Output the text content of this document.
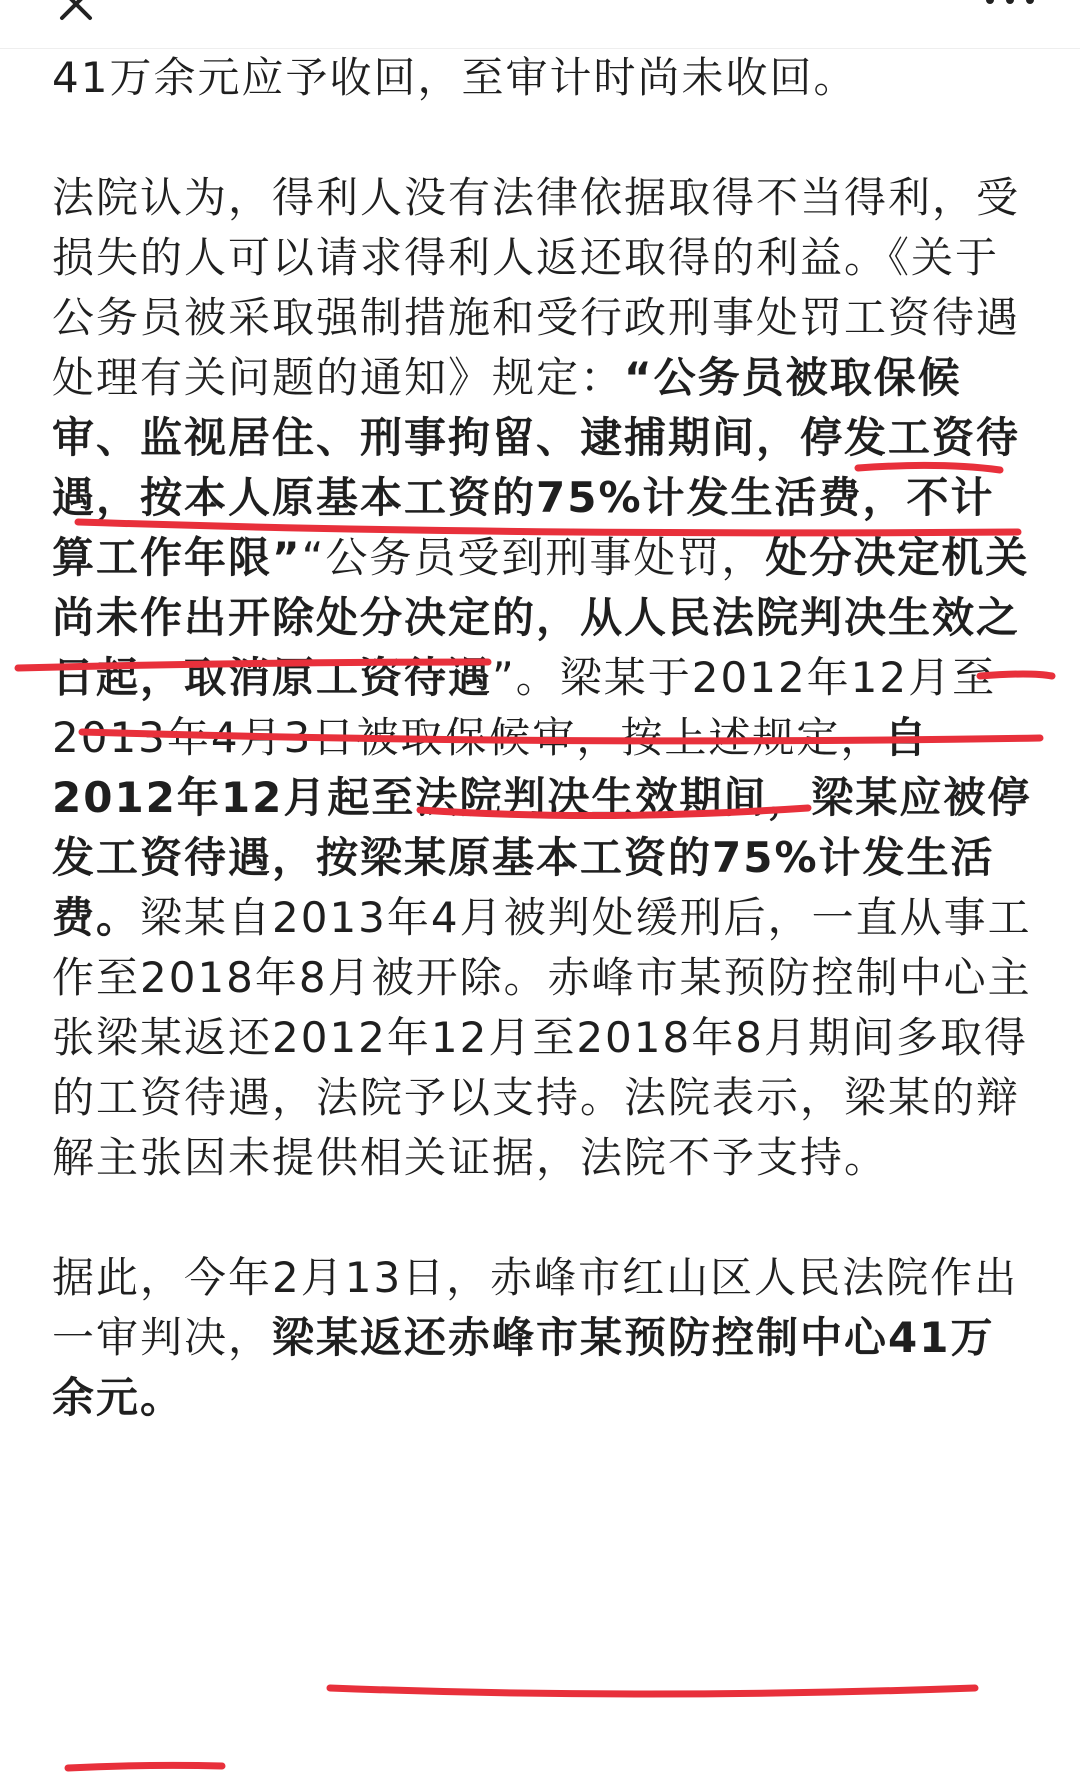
41万余元应予收回，至审计时尚未收回。

法院认为，得利人没有法律依据取得不当得利，受损失的人可以请求得利人返还取得的利益。《关于公务员被采取强制措施和受行政刑事处罚工资待遇处理有关问题的通知》规定：“公务员被取保候审、监视居住、刑事拘留、逮捕期间，停发工资待遇，按本人原基本工资的75%计发生活费，不计算工作年限”“公务员受到刑事处罚，处分决定机关尚未作出开除处分决定的，从人民法院判决生效之日起，取消原工资待遇”。梁某于2012年12月至2013年4月3日被取保候审，按上述规定，自2012年12月起至法院判决生效期间，梁某应被停发工资待遇，按梁某原基本工资的75%计发生活费。梁某自2013年4月被判处缓刑后，一直从事工作至2018年8月被开除。赤峰市某预防控制中心主张梁某返还2012年12月至2018年8月期间多取得的工资待遇，法院予以支持。法院表示，梁某的辩解主张因未提供相关证据，法院不予支持。

据此，今年2月13日，赤峰市红山区人民法院作出一审判决，梁某返还赤峰市某预防控制中心41万余元。
